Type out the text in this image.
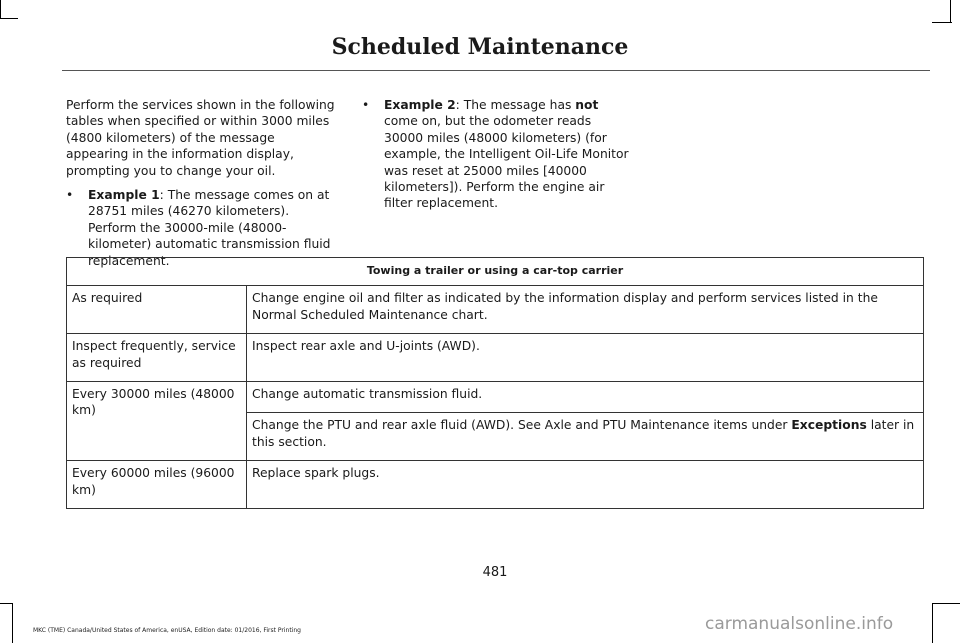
Scheduled Maintenance

Perform the services shown in the following tables when specified or within 3000 miles (4800 kilometers) of the message appearing in the information display, prompting you to change your oil.

• Example 1: The message comes on at 28751 miles (46270 kilometers). Perform the 30000-mile (48000-kilometer) automatic transmission fluid replacement.
• Example 2: The message has not come on, but the odometer reads 30000 miles (48000 kilometers) (for example, the Intelligent Oil-Life Monitor was reset at 25000 miles [40000 kilometers]). Perform the engine air filter replacement.
Towing a trailer or using a car-top carrier	
As required	Change engine oil and filter as indicated by the information display and perform services listed in the Normal Scheduled Maintenance chart.
Inspect frequently, service as required	Inspect rear axle and U-joints (AWD).
Every 30000 miles (48000 km)	Change automatic transmission fluid.
	Change the PTU and rear axle fluid (AWD). See Axle and PTU Maintenance items under Exceptions later in this section.
Every 60000 miles (96000 km)	Replace spark plugs.
481
MKC (TME) Canada/United States of America, enUSA, Edition date: 01/2016, First Printing	carmanualsonline.info
